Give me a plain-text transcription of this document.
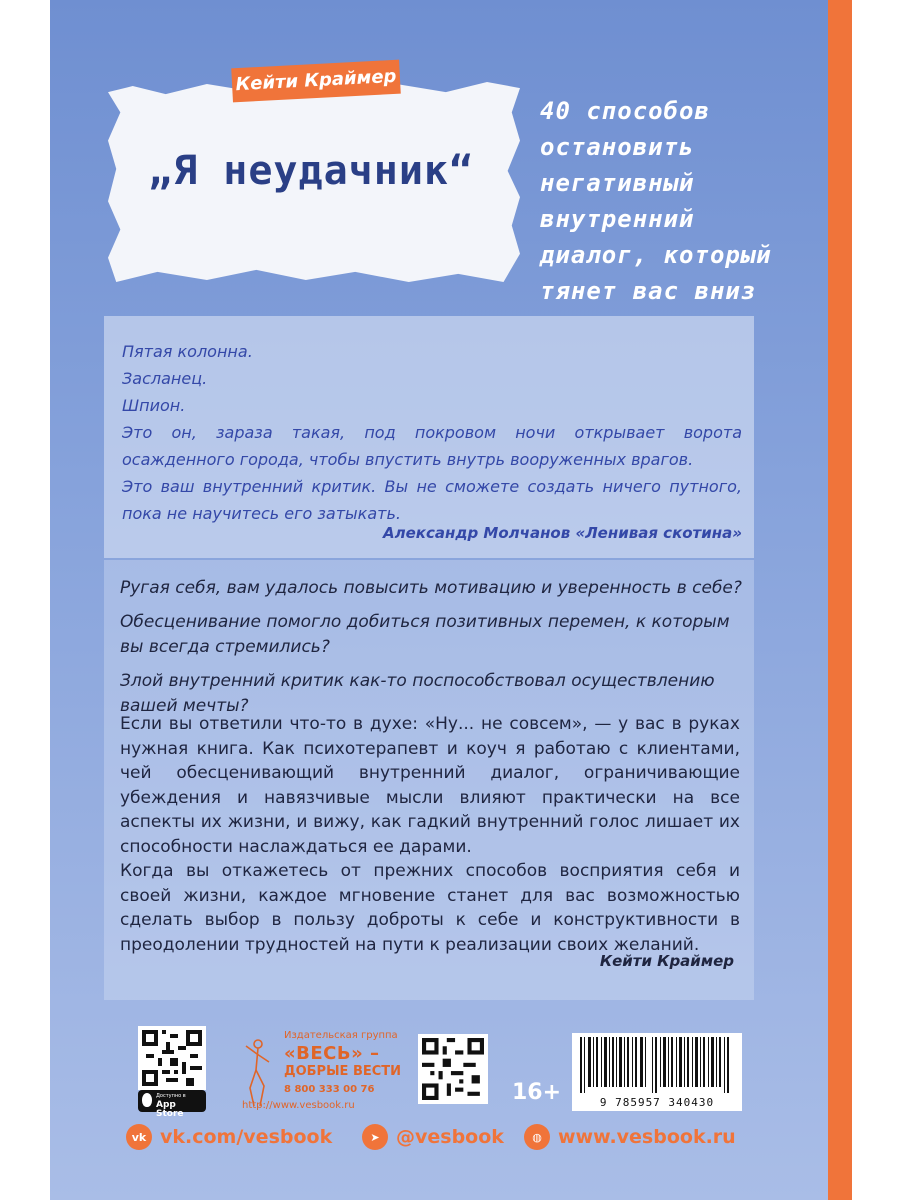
Кейти Краймер
„Я неудачник“
40 способов
остановить
негативный
внутренний
диалог, который
тянет вас вниз

Пятая колонна.

Засланец.

Шпион.

Это он, зараза такая, под покровом ночи открывает ворота осажденного города, чтобы впустить внутрь вооруженных врагов.

Это ваш внутренний критик. Вы не сможете создать ничего путного, пока не научитесь его затыкать.

Александр Молчанов «Ленивая скотина»

Ругая себя, вам удалось повысить мотивацию и уверенность в себе?

Обесценивание помогло добиться позитивных перемен, к которым вы всегда стремились?

Злой внутренний критик как-то поспособствовал осуществлению вашей мечты?

Если вы ответили что-то в духе: «Ну... не совсем», — у вас в руках нужная книга. Как психотерапевт и коуч я работаю с клиентами, чей обесценивающий внутренний диалог, ограничивающие убеждения и навязчивые мысли влияют практически на все аспекты их жизни, и вижу, как гадкий внутренний голос лишает их способности наслаждаться ее дарами.

Когда вы откажетесь от прежних способов восприятия себя и своей жизни, каждое мгновение станет для вас возможностью сделать выбор в пользу доброты к себе и конструктивности в преодолении трудностей на пути к реализации своих желаний.

Кейти Краймер
Доступно в
App Store
Издательская группа
«ВЕСЬ» –
ДОБРЫЕ ВЕСТИ
8 800 333 00 76
http://www.vesbook.ru
16+	9 785957 340430
vk vk.com/vesbook	➤ @vesbook	◍ www.vesbook.ru
